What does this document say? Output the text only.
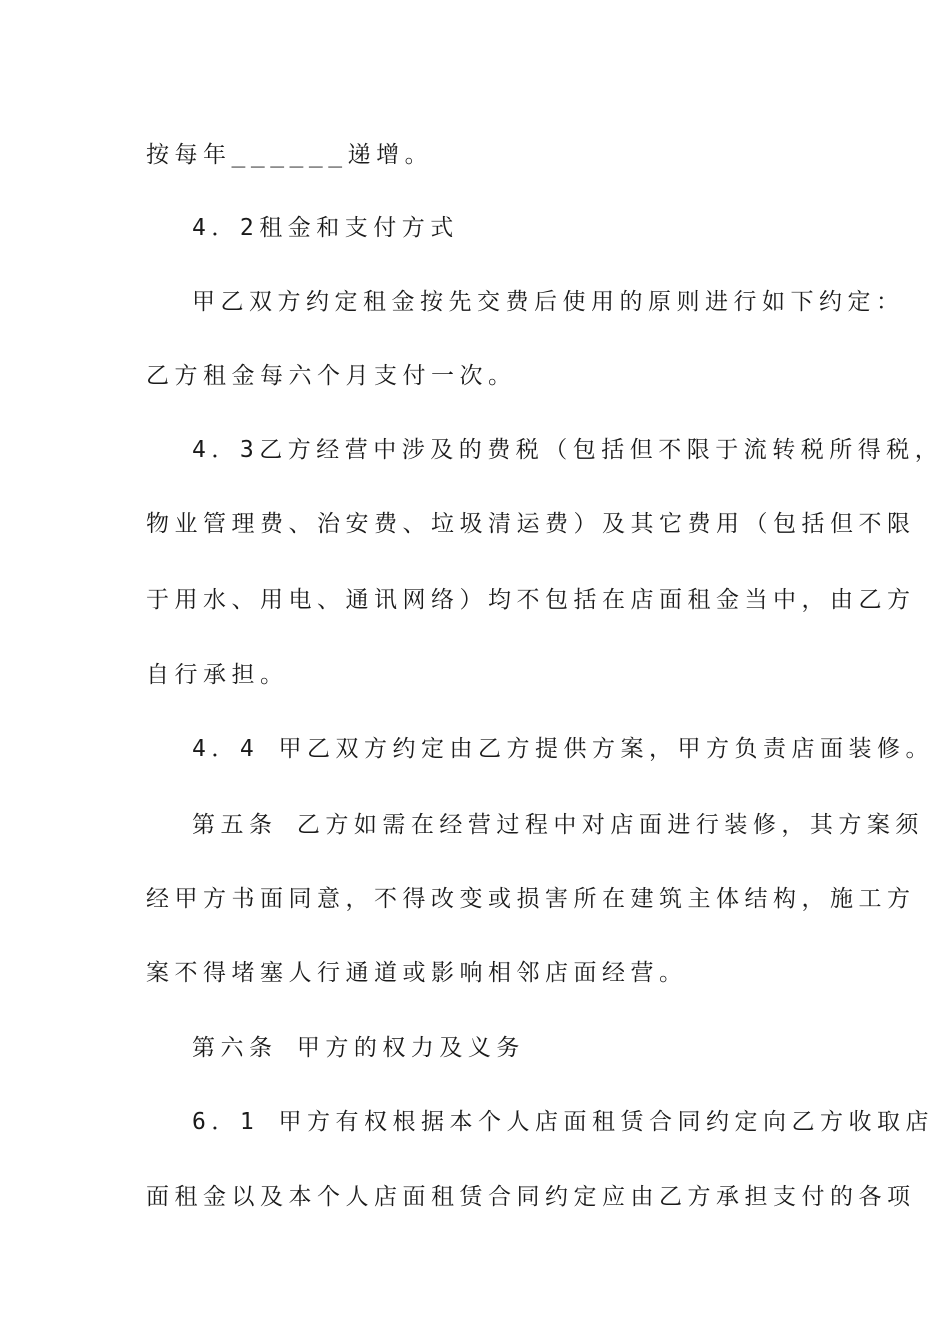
按每年______递增。
4．2租金和支付方式
甲乙双方约定租金按先交费后使用的原则进行如下约定：
乙方租金每六个月支付一次。
4．3乙方经营中涉及的费税（包括但不限于流转税所得税，
物业管理费、治安费、垃圾清运费）及其它费用（包括但不限
于用水、用电、通讯网络）均不包括在店面租金当中，由乙方
自行承担。
4．4 甲乙双方约定由乙方提供方案，甲方负责店面装修。
第五条 乙方如需在经营过程中对店面进行装修，其方案须
经甲方书面同意，不得改变或损害所在建筑主体结构，施工方
案不得堵塞人行通道或影响相邻店面经营。
第六条 甲方的权力及义务
6．1 甲方有权根据本个人店面租赁合同约定向乙方收取店
面租金以及本个人店面租赁合同约定应由乙方承担支付的各项
